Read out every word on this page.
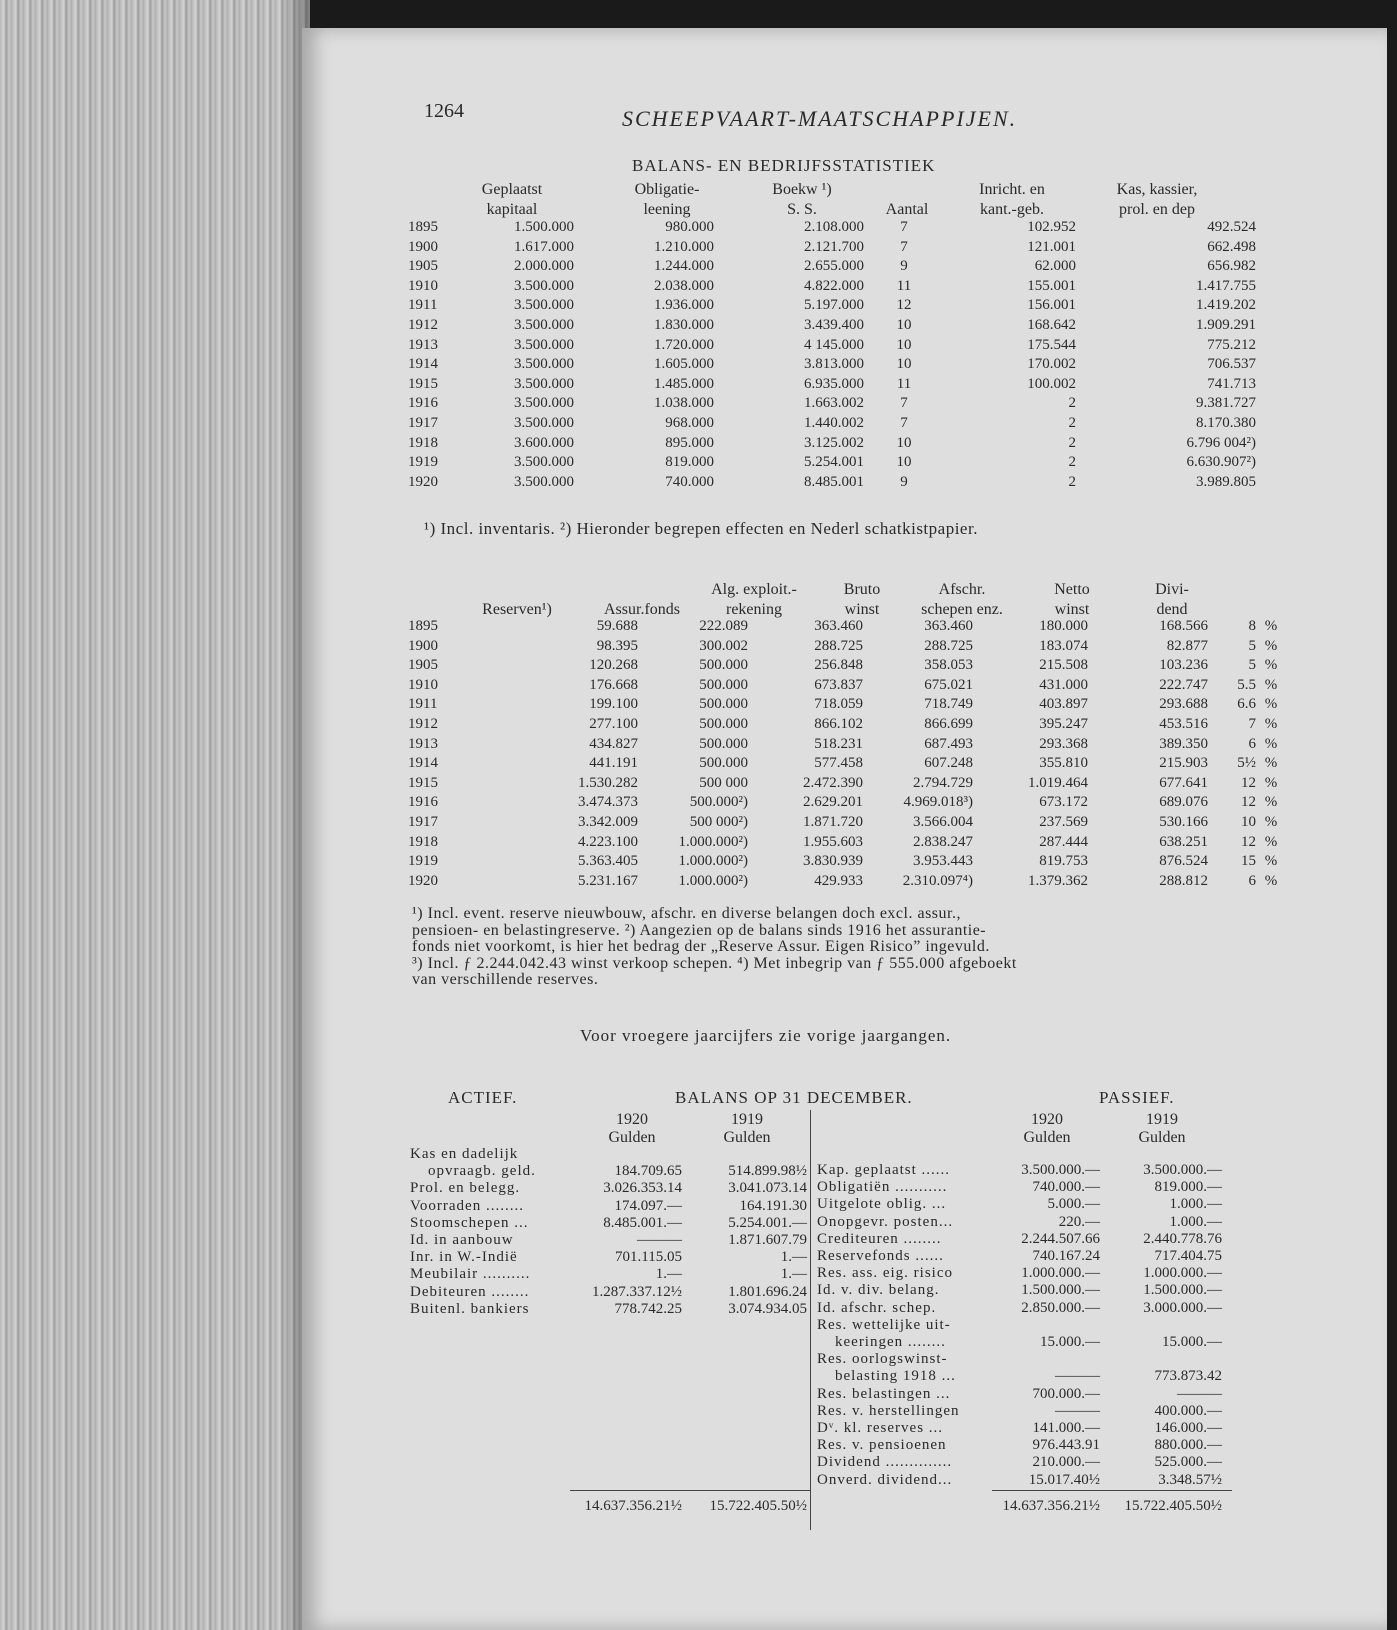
1264	SCHEEPVAART-MAATSCHAPPIJEN.
BALANS- EN BEDRIJFSSTATISTIEK
Geplaatst
kapitaal
Obligatie-
leening
Boekw ¹)
S. S.	Aantal
Inricht. en
kant.-geb.
Kas, kassier,
prol. en dep
1895	1.500.000	980.000	2.108.000	7	102.952	492.524
1900	1.617.000	1.210.000	2.121.700	7	121.001	662.498
1905	2.000.000	1.244.000	2.655.000	9	62.000	656.982
1910	3.500.000	2.038.000	4.822.000	11	155.001	1.417.755
1911	3.500.000	1.936.000	5.197.000	12	156.001	1.419.202
1912	3.500.000	1.830.000	3.439.400	10	168.642	1.909.291
1913	3.500.000	1.720.000	4 145.000	10	175.544	775.212
1914	3.500.000	1.605.000	3.813.000	10	170.002	706.537
1915	3.500.000	1.485.000	6.935.000	11	100.002	741.713
1916	3.500.000	1.038.000	1.663.002	7	2	9.381.727
1917	3.500.000	968.000	1.440.002	7	2	8.170.380
1918	3.600.000	895.000	3.125.002	10	2	6.796 004²)
1919	3.500.000	819.000	5.254.001	10	2	6.630.907²)
1920	3.500.000	740.000	8.485.001	9	2	3.989.805
¹) Incl. inventaris. ²) Hieronder begrepen effecten en Nederl schatkistpapier.
Reserven¹)	Assur.fonds
Alg. exploit.-
rekening
Bruto
winst
Afschr.
schepen enz.
Netto
winst
Divi-
dend
1895	59.688	222.089	363.460	363.460	180.000	168.566	8	%
1900	98.395	300.002	288.725	288.725	183.074	82.877	5	%
1905	120.268	500.000	256.848	358.053	215.508	103.236	5	%
1910	176.668	500.000	673.837	675.021	431.000	222.747	5.5	%
1911	199.100	500.000	718.059	718.749	403.897	293.688	6.6	%
1912	277.100	500.000	866.102	866.699	395.247	453.516	7	%
1913	434.827	500.000	518.231	687.493	293.368	389.350	6	%
1914	441.191	500.000	577.458	607.248	355.810	215.903	5½	%
1915	1.530.282	500 000	2.472.390	2.794.729	1.019.464	677.641	12	%
1916	3.474.373	500.000²)	2.629.201	4.969.018³)	673.172	689.076	12	%
1917	3.342.009	500 000²)	1.871.720	3.566.004	237.569	530.166	10	%
1918	4.223.100	1.000.000²)	1.955.603	2.838.247	287.444	638.251	12	%
1919	5.363.405	1.000.000²)	3.830.939	3.953.443	819.753	876.524	15	%
1920	5.231.167	1.000.000²)	429.933	2.310.097⁴)	1.379.362	288.812	6	%
¹) Incl. event. reserve nieuwbouw, afschr. en diverse belangen doch excl. assur.,
pensioen- en belastingreserve. ²) Aangezien op de balans sinds 1916 het assurantie-
fonds niet voorkomt, is hier het bedrag der „Reserve Assur. Eigen Risico” ingevuld.
³) Incl. ƒ 2.244.042.43 winst verkoop schepen. ⁴) Met inbegrip van ƒ 555.000 afgeboekt
van verschillende reserves.
Voor vroegere jaarcijfers zie vorige jaargangen.
ACTIEF.	BALANS OP 31 DECEMBER.	PASSIEF.
1920
Gulden
1919
Gulden
1920
Gulden
1919
Gulden
Kas en dadelijk
opvraagb. geld.	184.709.65	514.899.98½
Prol. en belegg.	3.026.353.14	3.041.073.14
Voorraden ........	174.097.—	164.191.30
Stoomschepen ...	8.485.001.—	5.254.001.—
Id. in aanbouw	———	1.871.607.79
Inr. in W.-Indië	701.115.05	1.—
Meubilair ..........	1.—	1.—
Debiteuren ........	1.287.337.12½	1.801.696.24
Buitenl. bankiers	778.742.25	3.074.934.05
Kap. geplaatst ......	3.500.000.—	3.500.000.—
Obligatiën ...........	740.000.—	819.000.—
Uitgelote oblig. ...	5.000.—	1.000.—
Onopgevr. posten...	220.—	1.000.—
Crediteuren ........	2.244.507.66	2.440.778.76
Reservefonds ......	740.167.24	717.404.75
Res. ass. eig. risico	1.000.000.—	1.000.000.—
Id. v. div. belang.	1.500.000.—	1.500.000.—
Id. afschr. schep.	2.850.000.—	3.000.000.—
Res. wettelijke uit-
keeringen ........	15.000.—	15.000.—
Res. oorlogswinst-
belasting 1918 ...	———	773.873.42
Res. belastingen ...	700.000.—	———
Res. v. herstellingen	———	400.000.—
Dᵛ. kl. reserves ...	141.000.—	146.000.—
Res. v. pensioenen	976.443.91	880.000.—
Dividend ..............	210.000.—	525.000.—
Onverd. dividend...	15.017.40½	3.348.57½
14.637.356.21½	15.722.405.50½	14.637.356.21½	15.722.405.50½
